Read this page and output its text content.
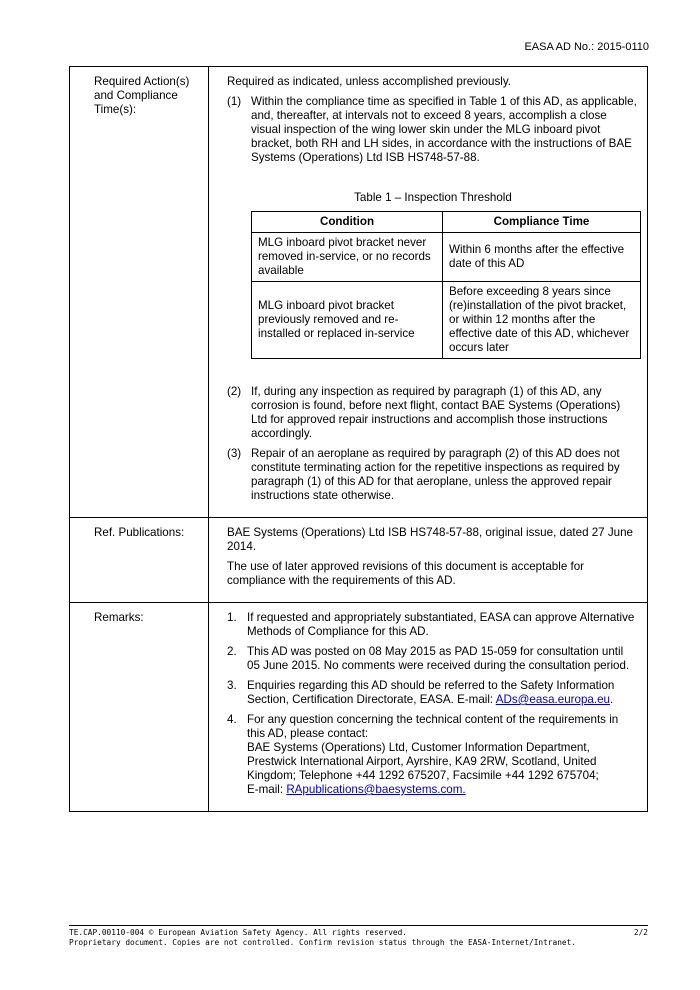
EASA AD No.: 2015-0110
Required Action(s) and Compliance Time(s):

Required as indicated, unless accomplished previously.

(1) Within the compliance time as specified in Table 1 of this AD, as applicable, and, thereafter, at intervals not to exceed 8 years, accomplish a close visual inspection of the wing lower skin under the MLG inboard pivot bracket, both RH and LH sides, in accordance with the instructions of BAE Systems (Operations) Ltd ISB HS748-57-88.
Table 1 – Inspection Threshold
Condition	Compliance Time
MLG inboard pivot bracket never removed in-service, or no records available	Within 6 months after the effective date of this AD
MLG inboard pivot bracket previously removed and re-installed or replaced in-service	Before exceeding 8 years since (re)installation of the pivot bracket, or within 12 months after the effective date of this AD, whichever occurs later
(2) If, during any inspection as required by paragraph (1) of this AD, any corrosion is found, before next flight, contact BAE Systems (Operations) Ltd for approved repair instructions and accomplish those instructions accordingly.
(3) Repair of an aeroplane as required by paragraph (2) of this AD does not constitute terminating action for the repetitive inspections as required by paragraph (1) of this AD for that aeroplane, unless the approved repair instructions state otherwise.

Ref. Publications:	BAE Systems (Operations) Ltd ISB HS748-57-88, original issue, dated 27 June 2014.

The use of later approved revisions of this document is acceptable for compliance with the requirements of this AD.

Remarks:	1. If requested and appropriately substantiated, EASA can approve Alternative Methods of Compliance for this AD.
2. This AD was posted on 08 May 2015 as PAD 15-059 for consultation until 05 June 2015. No comments were received during the consultation period.
3. Enquiries regarding this AD should be referred to the Safety Information Section, Certification Directorate, EASA. E-mail: ADs@easa.europa.eu.
4. For any question concerning the technical content of the requirements in this AD, please contact:
BAE Systems (Operations) Ltd, Customer Information Department, Prestwick International Airport, Ayrshire, KA9 2RW, Scotland, United Kingdom; Telephone +44 1292 675207, Facsimile +44 1292 675704;
E-mail: RApublications@baesystems.com.
TE.CAP.00110-004 © European Aviation Safety Agency. All rights reserved.	2/2
Proprietary document. Copies are not controlled. Confirm revision status through the EASA-Internet/Intranet.
